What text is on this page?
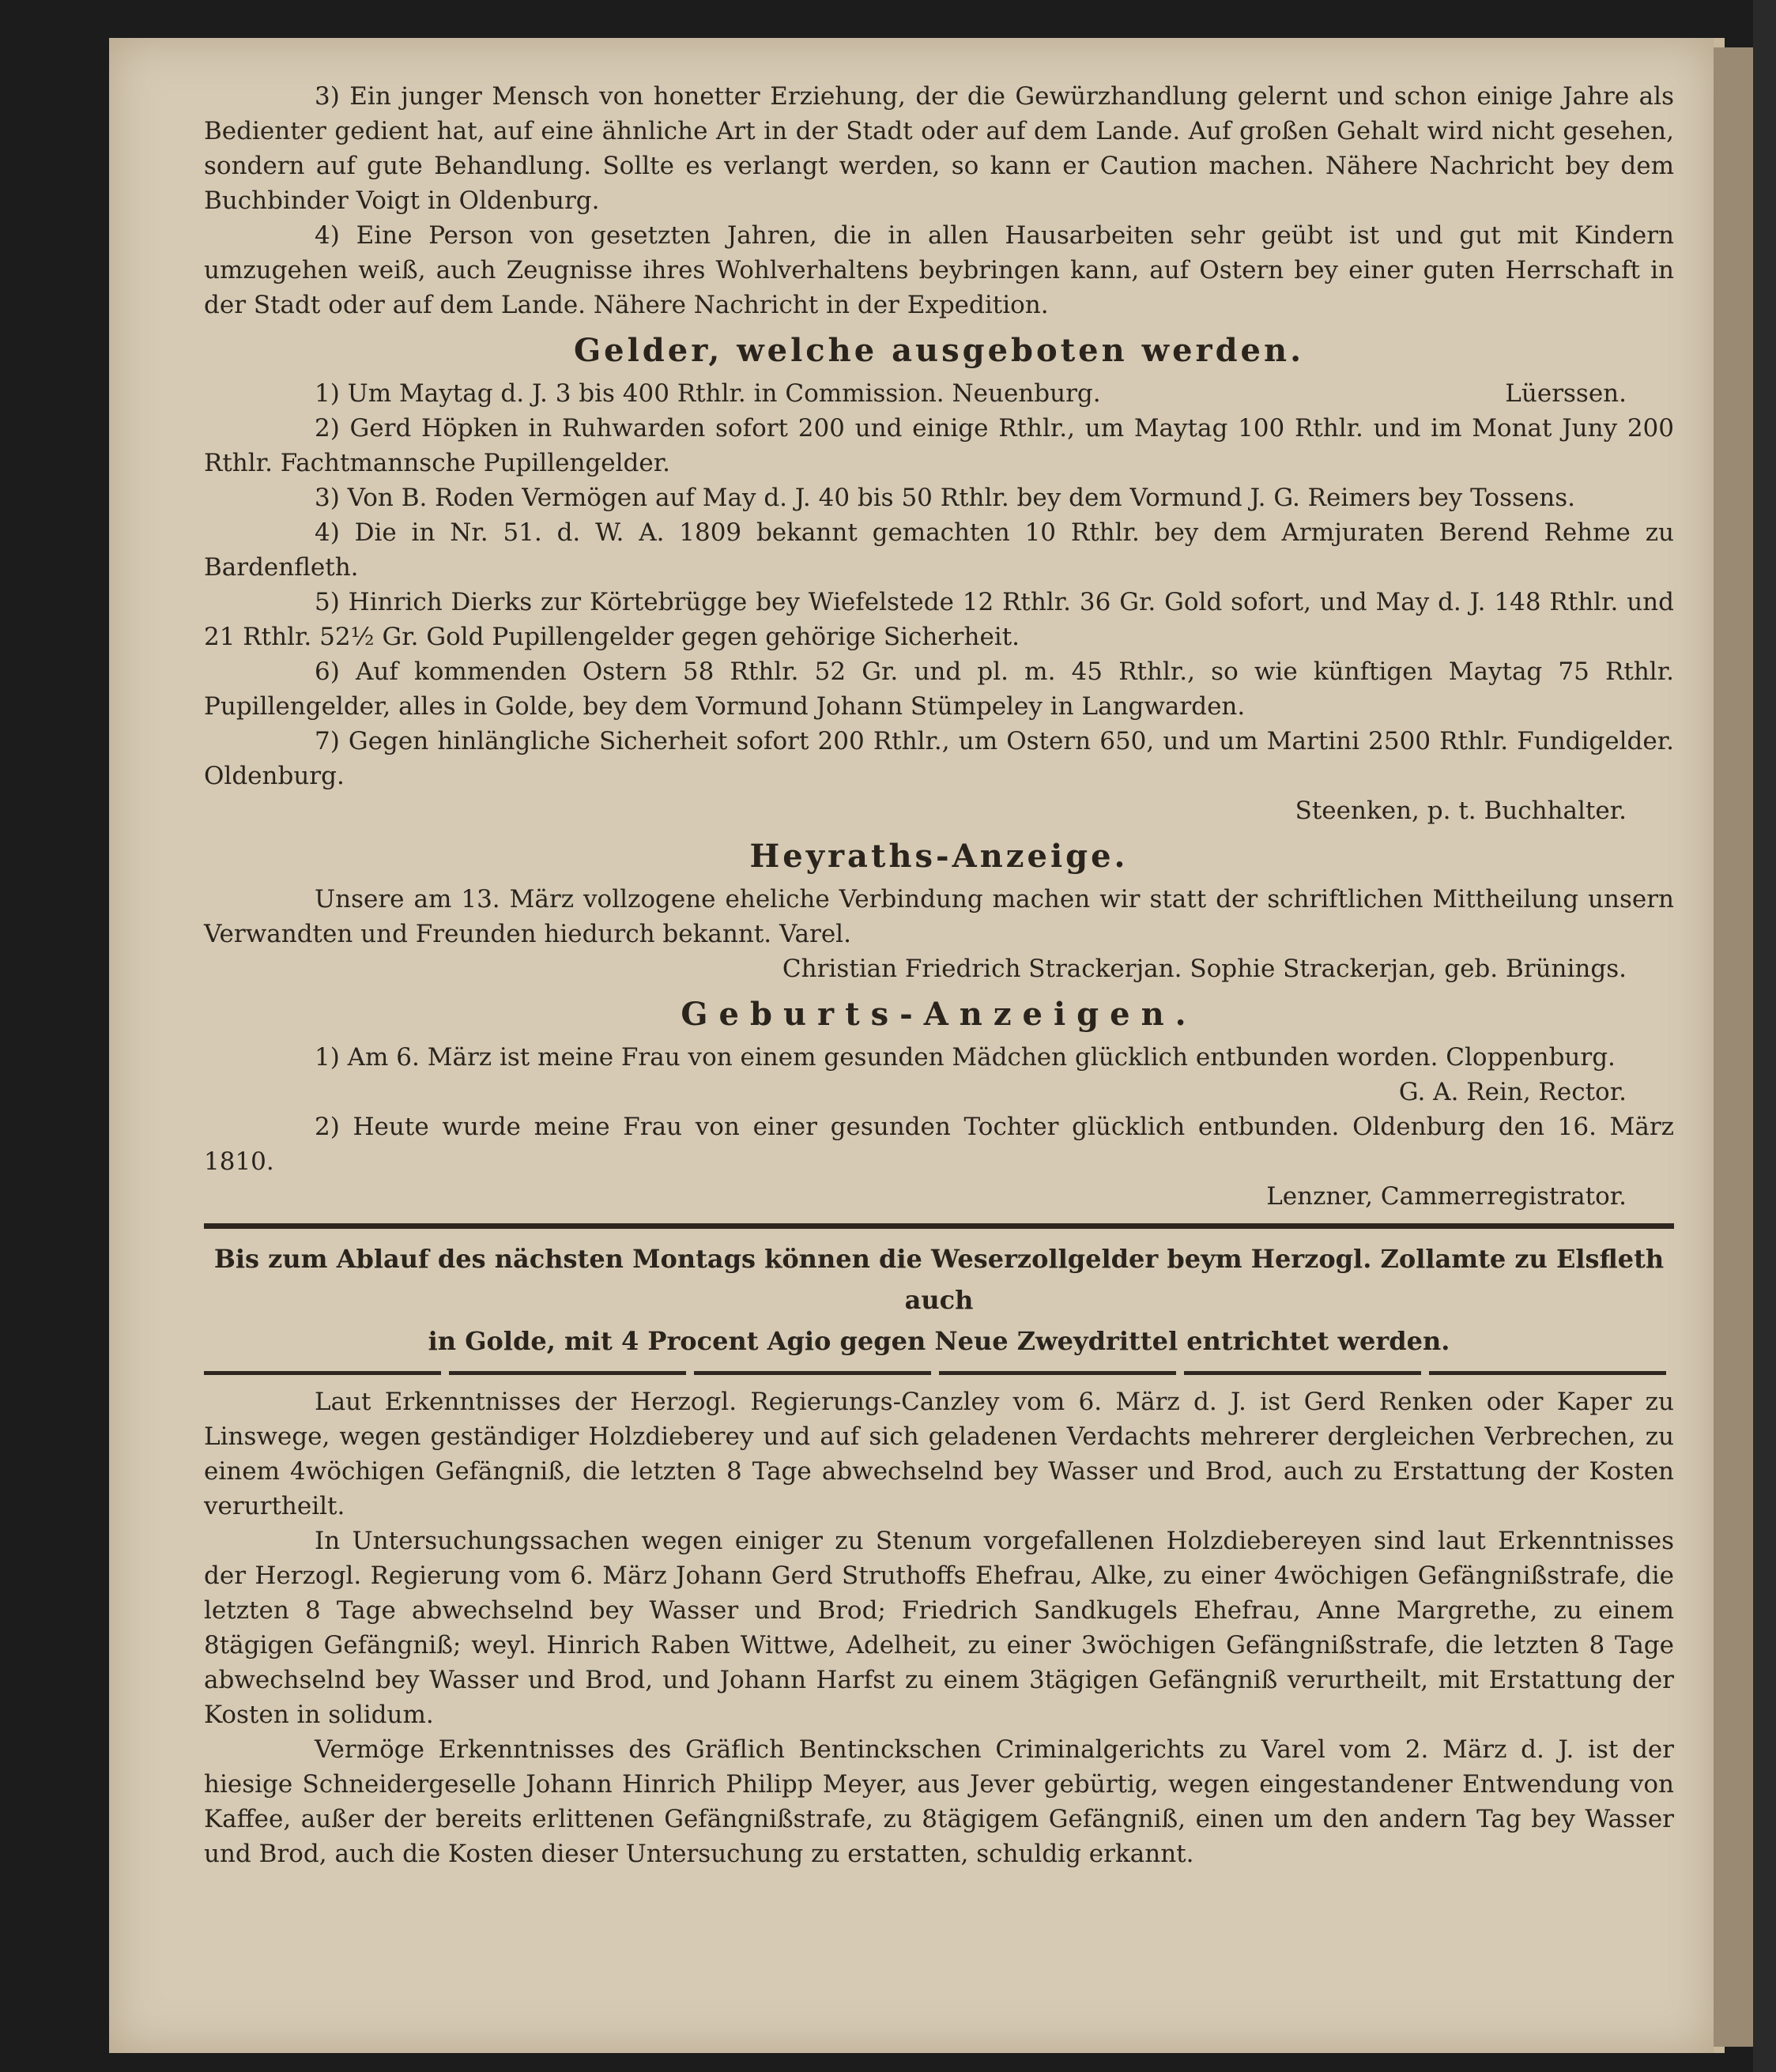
3) Ein junger Mensch von honetter Erziehung, der die Gewürzhandlung gelernt und schon einige Jahre als Bedienter gedient hat, auf eine ähnliche Art in der Stadt oder auf dem Lande. Auf großen Gehalt wird nicht gesehen, sondern auf gute Behandlung. Sollte es verlangt werden, so kann er Caution machen. Nähere Nachricht bey dem Buchbinder Voigt in Oldenburg.

4) Eine Person von gesetzten Jahren, die in allen Hausarbeiten sehr geübt ist und gut mit Kindern umzugehen weiß, auch Zeugnisse ihres Wohlverhaltens beybringen kann, auf Ostern bey einer guten Herrschaft in der Stadt oder auf dem Lande. Nähere Nachricht in der Expedition.

Gelder, welche ausgeboten werden.

1) Um Maytag d. J. 3 bis 400 Rthlr. in Commission. Neuenburg.	Lüerssen.

2) Gerd Höpken in Ruhwarden sofort 200 und einige Rthlr., um Maytag 100 Rthlr. und im Monat Juny 200 Rthlr. Fachtmannsche Pupillengelder.

3) Von B. Roden Vermögen auf May d. J. 40 bis 50 Rthlr. bey dem Vormund J. G. Reimers bey Tossens.

4) Die in Nr. 51. d. W. A. 1809 bekannt gemachten 10 Rthlr. bey dem Armjuraten Berend Rehme zu Bardenfleth.

5) Hinrich Dierks zur Körtebrügge bey Wiefelstede 12 Rthlr. 36 Gr. Gold sofort, und May d. J. 148 Rthlr. und 21 Rthlr. 52½ Gr. Gold Pupillengelder gegen gehörige Sicherheit.

6) Auf kommenden Ostern 58 Rthlr. 52 Gr. und pl. m. 45 Rthlr., so wie künftigen Maytag 75 Rthlr. Pupillengelder, alles in Golde, bey dem Vormund Johann Stümpeley in Langwarden.

7) Gegen hinlängliche Sicherheit sofort 200 Rthlr., um Ostern 650, und um Martini 2500 Rthlr. Fundigelder. Oldenburg.

Steenken, p. t. Buchhalter.
Heyraths-Anzeige.

Unsere am 13. März vollzogene eheliche Verbindung machen wir statt der schriftlichen Mittheilung unsern Verwandten und Freunden hiedurch bekannt. Varel.

Christian Friedrich Strackerjan. Sophie Strackerjan, geb. Brünings.
Geburts-Anzeigen.

1) Am 6. März ist meine Frau von einem gesunden Mädchen glücklich entbunden worden. Cloppenburg.

G. A. Rein, Rector.

2) Heute wurde meine Frau von einer gesunden Tochter glücklich entbunden. Oldenburg den 16. März 1810.

Lenzner, Cammerregistrator.
Bis zum Ablauf des nächsten Montags können die Weserzollgelder beym Herzogl. Zollamte zu Elsfleth auch
in Golde, mit 4 Procent Agio gegen Neue Zweydrittel entrichtet werden.

Laut Erkenntnisses der Herzogl. Regierungs-Canzley vom 6. März d. J. ist Gerd Renken oder Kaper zu Linswege, wegen geständiger Holzdieberey und auf sich geladenen Verdachts mehrerer dergleichen Verbrechen, zu einem 4wöchigen Gefängniß, die letzten 8 Tage abwechselnd bey Wasser und Brod, auch zu Erstattung der Kosten verurtheilt.

In Untersuchungssachen wegen einiger zu Stenum vorgefallenen Holzdiebereyen sind laut Erkenntnisses der Herzogl. Regierung vom 6. März Johann Gerd Struthoffs Ehefrau, Alke, zu einer 4wöchigen Gefängnißstrafe, die letzten 8 Tage abwechselnd bey Wasser und Brod; Friedrich Sandkugels Ehefrau, Anne Margrethe, zu einem 8tägigen Gefängniß; weyl. Hinrich Raben Wittwe, Adelheit, zu einer 3wöchigen Gefängnißstrafe, die letzten 8 Tage abwechselnd bey Wasser und Brod, und Johann Harfst zu einem 3tägigen Gefängniß verurtheilt, mit Erstattung der Kosten in solidum.

Vermöge Erkenntnisses des Gräflich Bentinckschen Criminalgerichts zu Varel vom 2. März d. J. ist der hiesige Schneidergeselle Johann Hinrich Philipp Meyer, aus Jever gebürtig, wegen eingestandener Entwendung von Kaffee, außer der bereits erlittenen Gefängnißstrafe, zu 8tägigem Gefängniß, einen um den andern Tag bey Wasser und Brod, auch die Kosten dieser Untersuchung zu erstatten, schuldig erkannt.
